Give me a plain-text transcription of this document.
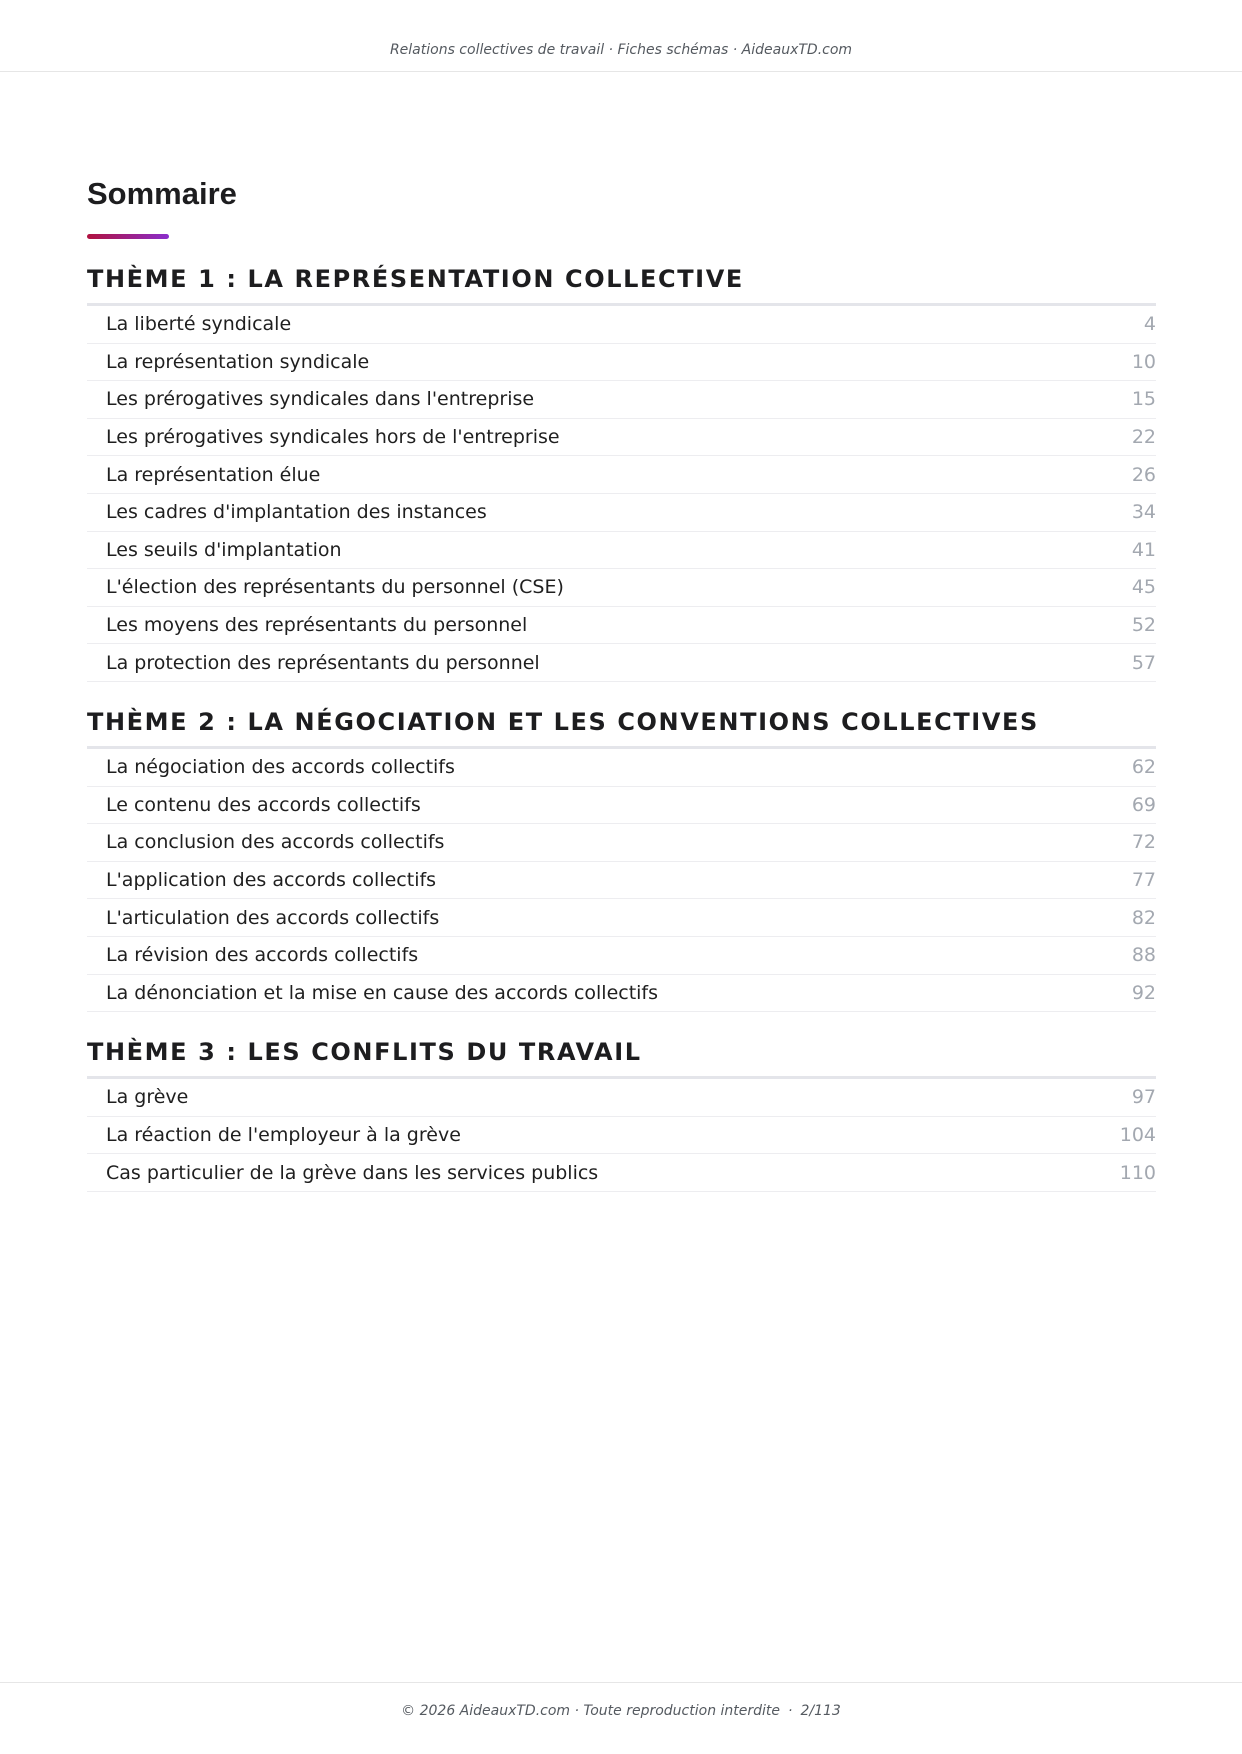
Relations collectives de travail · Fiches schémas · AideauxTD.com
Sommaire
THÈME 1 : LA REPRÉSENTATION COLLECTIVE
La liberté syndicale	4
La représentation syndicale	10
Les prérogatives syndicales dans l'entreprise	15
Les prérogatives syndicales hors de l'entreprise	22
La représentation élue	26
Les cadres d'implantation des instances	34
Les seuils d'implantation	41
L'élection des représentants du personnel (CSE)	45
Les moyens des représentants du personnel	52
La protection des représentants du personnel	57
THÈME 2 : LA NÉGOCIATION ET LES CONVENTIONS COLLECTIVES
La négociation des accords collectifs	62
Le contenu des accords collectifs	69
La conclusion des accords collectifs	72
L'application des accords collectifs	77
L'articulation des accords collectifs	82
La révision des accords collectifs	88
La dénonciation et la mise en cause des accords collectifs	92
THÈME 3 : LES CONFLITS DU TRAVAIL
La grève	97
La réaction de l'employeur à la grève	104
Cas particulier de la grève dans les services publics	110
© 2026 AideauxTD.com · Toute reproduction interdite · 2/113
